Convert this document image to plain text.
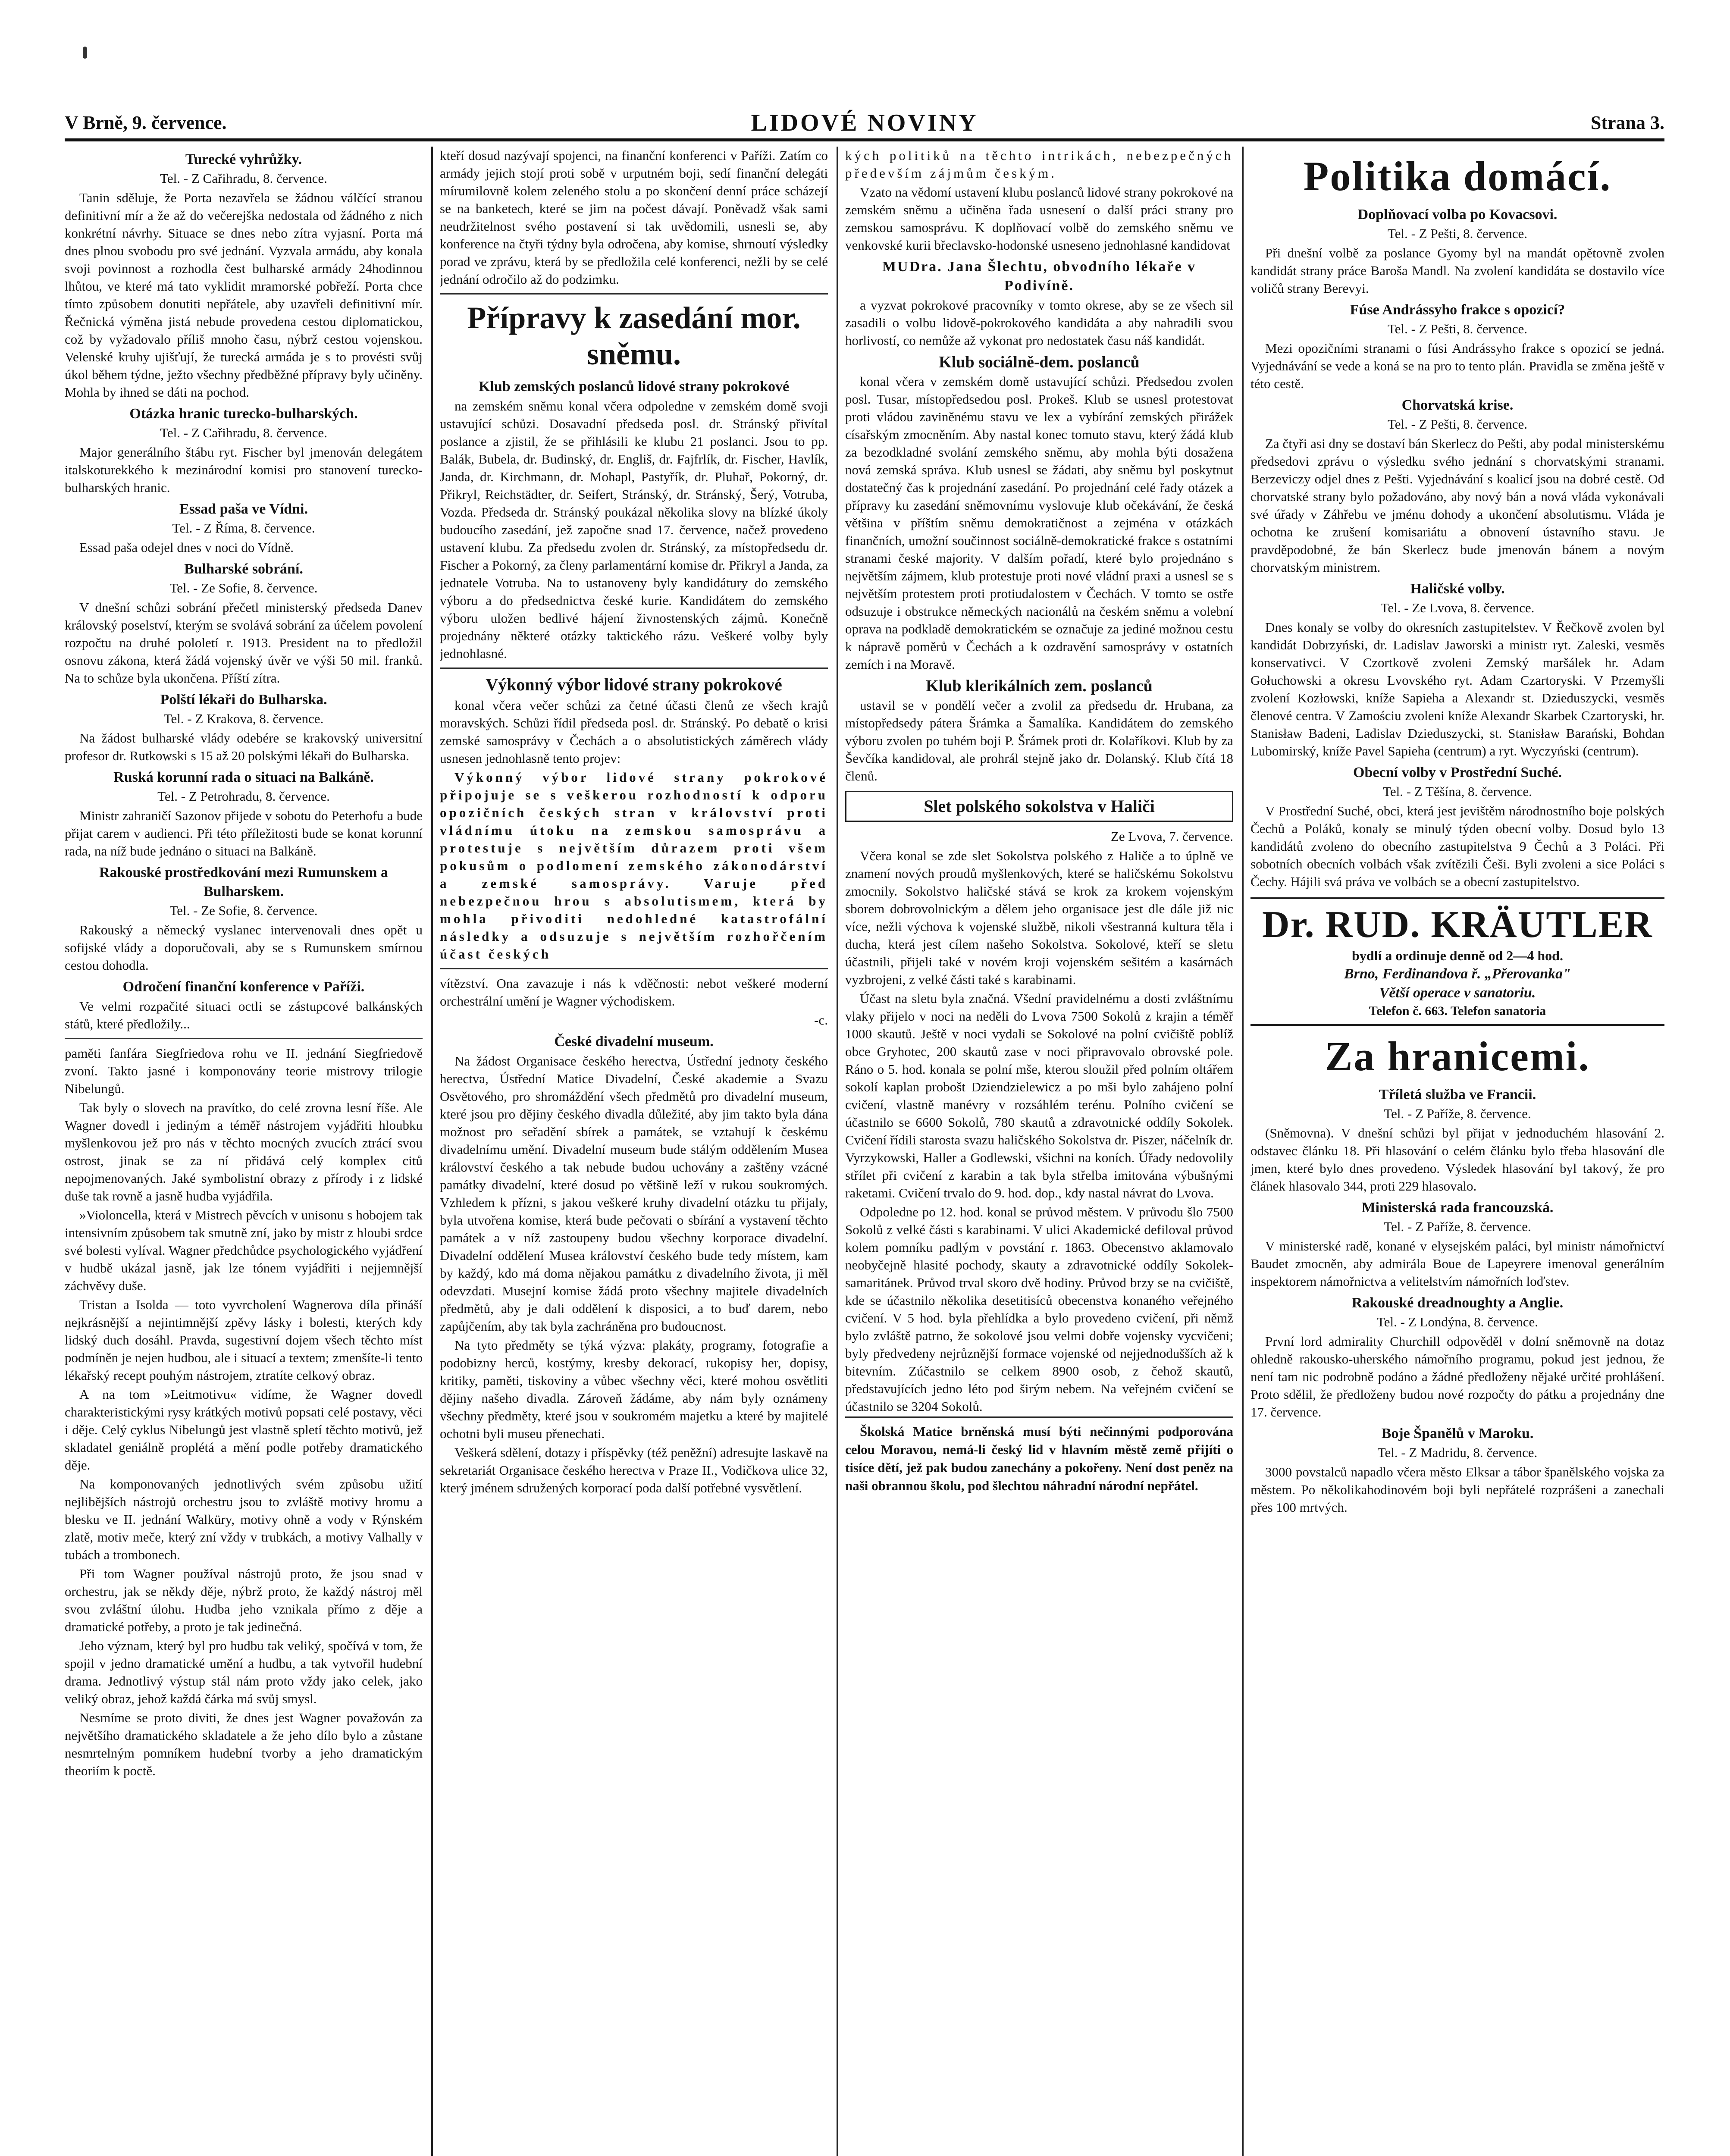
V Brně, 9. července.	LIDOVÉ NOVINY	Strana 3.
Turecké vyhrůžky.
Tel. - Z Cařihradu, 8. července.

Tanin sděluje, že Porta nezavřela se žádnou válčící stranou definitivní mír a že až do večerejška nedostala od žádného z nich konkrétní návrhy. Situace se dnes nebo zítra vyjasní. Porta má dnes plnou svobodu pro své jednání. Vyzvala armádu, aby konala svoji povinnost a rozhodla čest bulharské armády 24hodinnou lhůtou, ve které má tato vyklidit mramorské pobřeží. Porta chce tímto způsobem donutiti nepřátele, aby uzavřeli definitivní mír. Řečnická výměna jistá nebude provedena cestou diplomatickou, což by vyžadovalo příliš mnoho času, nýbrž cestou vojenskou. Velenské kruhy ujišťují, že turecká armáda je s to provésti svůj úkol během týdne, ježto všechny předběžné přípravy byly učiněny. Mohla by ihned se dáti na pochod.

Otázka hranic turecko-bulharských.
Tel. - Z Cařihradu, 8. července.

Major generálního štábu ryt. Fischer byl jmenován delegátem italskoturekkého k mezinárodní komisi pro stanovení turecko-bulharských hranic.

Essad paša ve Vídni.
Tel. - Z Říma, 8. července.

Essad paša odejel dnes v noci do Vídně.

Bulharské sobrání.
Tel. - Ze Sofie, 8. července.

V dnešní schůzi sobrání přečetl ministerský předseda Danev královský poselství, kterým se svolává sobrání za účelem povolení rozpočtu na druhé pololetí r. 1913. President na to předložil osnovu zákona, která žádá vojenský úvěr ve výši 50 mil. franků. Na to schůze byla ukončena. Příští zítra.

Polští lékaři do Bulharska.
Tel. - Z Krakova, 8. července.

Na žádost bulharské vlády odebére se krakovský universitní profesor dr. Rutkowski s 15 až 20 polskými lékaři do Bulharska.

Ruská korunní rada o situaci na Balkáně.
Tel. - Z Petrohradu, 8. července.

Ministr zahraničí Sazonov přijede v sobotu do Peterhofu a bude přijat carem v audienci. Při této příležitosti bude se konat korunní rada, na níž bude jednáno o situaci na Balkáně.

Rakouské prostředkování mezi Rumunskem a Bulharskem.
Tel. - Ze Sofie, 8. července.

Rakouský a německý vyslanec intervenovali dnes opět u sofijské vlády a doporučovali, aby se s Rumunskem smírnou cestou dohodla.

Odročení finanční konference v Paříži.

Ve velmi rozpačité situaci octli se zástupcové balkánských států, které předložily...

paměti fanfára Siegfriedova rohu ve II. jednání Siegfriedově zvoní. Takto jasné i komponovány teorie mistrovy trilogie Nibelungů.

Tak byly o slovech na pravítko, do celé zrovna lesní říše. Ale Wagner dovedl i jediným a téměř nástrojem vyjádřiti hloubku myšlenkovou jež pro nás v těchto mocných zvucích ztrácí svou ostrost, jinak se za ní přidává celý komplex citů nepojmenovaných. Jaké symbolistní obrazy z přírody i z lidské duše tak rovně a jasně hudba vyjádřila.

»Violoncella, která v Mistrech pěvcích v unisonu s hobojem tak intensivním způsobem tak smutně zní, jako by mistr z hloubi srdce své bolesti vylíval. Wagner předchůdce psychologického vyjádření v hudbě ukázal jasně, jak lze tónem vyjádřiti i nejjemnější záchvěvy duše.

Tristan a Isolda — toto vyvrcholení Wagnerova díla přináší nejkrásnější a nejintimnější zpěvy lásky i bolesti, kterých kdy lidský duch dosáhl. Pravda, sugestivní dojem všech těchto míst podmíněn je nejen hudbou, ale i situací a textem; zmenšíte-li tento lékařský recept pouhým nástrojem, ztratíte celkový obraz.

A na tom »Leitmotivu« vidíme, že Wagner dovedl charakteristickými rysy krátkých motivů popsati celé postavy, věci i děje. Celý cyklus Nibelungů jest vlastně spletí těchto motivů, jež skladatel geniálně proplétá a mění podle potřeby dramatického děje.

Na komponovaných jednotlivých svém způsobu užití nejlibějších nástrojů orchestru jsou to zvláště motivy hromu a blesku ve II. jednání Walküry, motivy ohně a vody v Rýnském zlatě, motiv meče, který zní vždy v trubkách, a motivy Valhally v tubách a trombonech.

Při tom Wagner používal nástrojů proto, že jsou snad v orchestru, jak se někdy děje, nýbrž proto, že každý nástroj měl svou zvláštní úlohu. Hudba jeho vznikala přímo z děje a dramatické potřeby, a proto je tak jedinečná.

Jeho význam, který byl pro hudbu tak veliký, spočívá v tom, že spojil v jedno dramatické umění a hudbu, a tak vytvořil hudební drama. Jednotlivý výstup stál nám proto vždy jako celek, jako veliký obraz, jehož každá čárka má svůj smysl.

Nesmíme se proto diviti, že dnes jest Wagner považován za největšího dramatického skladatele a že jeho dílo bylo a zůstane nesmrtelným pomníkem hudební tvorby a jeho dramatickým theoriím k poctě.

kteří dosud nazývají spojenci, na finanční konferenci v Paříži. Zatím co armády jejich stojí proti sobě v urputném boji, sedí finanční delegáti mírumilovně kolem zeleného stolu a po skončení denní práce scházejí se na banketech, které se jim na počest dávají. Poněvadž však sami neudržitelnost svého postavení si tak uvědomili, usnesli se, aby konference na čtyři týdny byla odročena, aby komise, shrnoutí výsledky porad ve zprávu, která by se předložila celé konferenci, nežli by se celé jednání odročilo až do podzimku.

Přípravy k zasedání mor. sněmu.
Klub zemských poslanců lidové strany pokrokové

na zemském sněmu konal včera odpoledne v zemském domě svoji ustavující schůzi. Dosavadní předseda posl. dr. Stránský přivítal poslance a zjistil, že se přihlásili ke klubu 21 poslanci. Jsou to pp. Balák, Bubela, dr. Budinský, dr. Engliš, dr. Fajfrlík, dr. Fischer, Havlík, Janda, dr. Kirchmann, dr. Mohapl, Pastyřík, dr. Pluhař, Pokorný, dr. Přikryl, Reichstädter, dr. Seifert, Stránský, dr. Stránský, Šerý, Votruba, Vozda. Předseda dr. Stránský poukázal několika slovy na blízké úkoly budoucího zasedání, jež započne snad 17. července, načež provedeno ustavení klubu. Za předsedu zvolen dr. Stránský, za místopředsedu dr. Fischer a Pokorný, za členy parlamentární komise dr. Přikryl a Janda, za jednatele Votruba. Na to ustanoveny byly kandidátury do zemského výboru a do předsednictva české kurie. Kandidátem do zemského výboru uložen bedlivé hájení živnostenských zájmů. Konečně projednány některé otázky taktického rázu. Veškeré volby byly jednohlasné.

Výkonný výbor lidové strany pokrokové

konal včera večer schůzi za četné účasti členů ze všech krajů moravských. Schůzi řídil předseda posl. dr. Stránský. Po debatě o krisi zemské samosprávy v Čechách a o absolutistických záměrech vlády usnesen jednohlasně tento projev:

Výkonný výbor lidové strany pokrokové připojuje se s veškerou rozhodností k odporu opozičních českých stran v království proti vládnímu útoku na zemskou samosprávu a protestuje s největším důrazem proti všem pokusům o podlomení zemského zákonodárství a zemské samosprávy. Varuje před nebezpečnou hrou s absolutismem, která by mohla přivoditi nedohledné katastrofální následky a odsuzuje s největším rozhořčením účast českých

vítězství. Ona zavazuje i nás k vděčnosti: nebot veškeré moderní orchestrální umění je Wagner východiskem.

-c.

České divadelní museum.

Na žádost Organisace českého herectva, Ústřední jednoty českého herectva, Ústřední Matice Divadelní, České akademie a Svazu Osvětového, pro shromáždění všech předmětů pro divadelní museum, které jsou pro dějiny českého divadla důležité, aby jim takto byla dána možnost pro seřadění sbírek a památek, se vztahují k českému divadelnímu umění. Divadelní museum bude stálým oddělením Musea království českého a tak nebude budou uchovány a zaštěny vzácné památky divadelní, které dosud po většině leží v rukou soukromých. Vzhledem k přízni, s jakou veškeré kruhy divadelní otázku tu přijaly, byla utvořena komise, která bude pečovati o sbírání a vystavení těchto památek a v níž zastoupeny budou všechny korporace divadelní. Divadelní oddělení Musea království českého bude tedy místem, kam by každý, kdo má doma nějakou památku z divadelního života, ji měl odevzdati. Musejní komise žádá proto všechny majitele divadelních předmětů, aby je dali oddělení k disposici, a to buď darem, nebo zapůjčením, aby tak byla zachráněna pro budoucnost.

Na tyto předměty se týká výzva: plakáty, programy, fotografie a podobizny herců, kostýmy, kresby dekorací, rukopisy her, dopisy, kritiky, paměti, tiskoviny a vůbec všechny věci, které mohou osvětliti dějiny našeho divadla. Zároveň žádáme, aby nám byly oznámeny všechny předměty, které jsou v soukromém majetku a které by majitelé ochotni byli museu přenechati.

Veškerá sdělení, dotazy i příspěvky (též peněžní) adresujte laskavě na sekretariát Organisace českého herectva v Praze II., Vodičkova ulice 32, který jménem sdružených korporací poda další potřebné vysvětlení.

kých politiků na těchto intrikách, nebezpečných především zájmům českým.

Vzato na vědomí ustavení klubu poslanců lidové strany pokrokové na zemském sněmu a učiněna řada usnesení o další práci strany pro zemskou samosprávu. K doplňovací volbě do zemského sněmu ve venkovské kurii břeclavsko-hodonské usneseno jednohlasné kandidovat

MUDra. Jana Šlechtu, obvodního lékaře v Podivíně.

a vyzvat pokrokové pracovníky v tomto okrese, aby se ze všech sil zasadili o volbu lidově-pokrokového kandidáta a aby nahradili svou horlivostí, co nemůže až vykonat pro nedostatek času náš kandidát.

Klub sociálně-dem. poslanců

konal včera v zemském domě ustavující schůzi. Předsedou zvolen posl. Tusar, místopředsedou posl. Prokeš. Klub se usnesl protestovat proti vládou zaviněnému stavu ve lex a vybírání zemských přirážek císařským zmocněním. Aby nastal konec tomuto stavu, který žádá klub za bezodkladné svolání zemského sněmu, aby mohla býti dosažena nová zemská správa. Klub usnesl se žádati, aby sněmu byl poskytnut dostatečný čas k projednání zasedání. Po projednání celé řady otázek a přípravy ku zasedání sněmovnímu vyslovuje klub očekávání, že česká většina v příštím sněmu demokratičnost a zejména v otázkách finančních, umožní součinnost sociálně-demokratické frakce s ostatními stranami české majority. V dalším pořadí, které bylo projednáno s největším zájmem, klub protestuje proti nové vládní praxi a usnesl se s největším protestem proti protiudalostem v Čechách. V tomto se ostře odsuzuje i obstrukce německých nacionálů na českém sněmu a volební oprava na podkladě demokratickém se označuje za jediné možnou cestu k nápravě poměrů v Čechách a k ozdravění samosprávy v ostatních zemích i na Moravě.

Klub klerikálních zem. poslanců

ustavil se v pondělí večer a zvolil za předsedu dr. Hrubana, za místopředsedy pátera Šrámka a Šamalíka. Kandidátem do zemského výboru zvolen po tuhém boji P. Šrámek proti dr. Kolaříkovi. Klub by za Ševčíka kandidoval, ale prohrál stejně jako dr. Dolanský. Klub čítá 18 členů.

Slet polského sokolstva v Haliči
Ze Lvova, 7. července.

Včera konal se zde slet Sokolstva polského z Haliče a to úplně ve znamení nových proudů myšlenkových, které se haličskému Sokolstvu zmocnily. Sokolstvo haličské stává se krok za krokem vojenským sborem dobrovolnickým a dělem jeho organisace jest dle dále již nic více, nežli výchova k vojenské službě, nikoli všestranná kultura těla i ducha, která jest cílem našeho Sokolstva. Sokolové, kteří se sletu účastnili, přijeli také v novém kroji vojenském sešitém a kasárnách vyzbrojeni, z velké části také s karabinami.

Účast na sletu byla značná. Všední pravidelnému a dosti zvláštnímu vlaky přijelo v noci na neděli do Lvova 7500 Sokolů z krajin a téměř 1000 skautů. Ještě v noci vydali se Sokolové na polní cvičiště poblíž obce Gryhotec, 200 skautů zase v noci připravovalo obrovské pole. Ráno o 5. hod. konala se polní mše, kterou sloužil před polním oltářem sokolí kaplan probošt Dziendzielewicz a po mši bylo zahájeno polní cvičení, vlastně manévry v rozsáhlém terénu. Polního cvičení se účastnilo se 6600 Sokolů, 780 skautů a zdravotnické oddíly Sokolek. Cvičení řídili starosta svazu haličského Sokolstva dr. Piszer, náčelník dr. Vyrzykowski, Haller a Godlewski, všichni na koních. Úřady nedovolily střílet při cvičení z karabin a tak byla střelba imitována výbušnými raketami. Cvičení trvalo do 9. hod. dop., kdy nastal návrat do Lvova.

Odpoledne po 12. hod. konal se průvod městem. V průvodu šlo 7500 Sokolů z velké části s karabinami. V ulici Akademické defiloval průvod kolem pomníku padlým v povstání r. 1863. Obecenstvo aklamovalo neobyčejně hlasité pochody, skauty a zdravotnické oddíly Sokolek-samaritánek. Průvod trval skoro dvě hodiny. Průvod brzy se na cvičiště, kde se účastnilo několika desetitisíců obecenstva konaného veřejného cvičení. V 5 hod. byla přehlídka a bylo provedeno cvičení, při němž bylo zvláště patrno, že sokolové jsou velmi dobře vojensky vycvičeni; byly předvedeny nejrůznější formace vojenské od nejjednodušších až k bitevním. Zúčastnilo se celkem 8900 osob, z čehož skautů, představujících jedno léto pod širým nebem. Na veřejném cvičení se účastnilo se 3204 Sokolů.

Školská Matice brněnská musí býti nečinnými podporována celou Moravou, nemá-li český lid v hlavním městě země přijíti o tisíce dětí, jež pak budou zanechány a pokořeny. Není dost peněz na naši obrannou školu, pod šlechtou náhradní národní nepřátel.

Politika domácí.
Doplňovací volba po Kovacsovi.
Tel. - Z Pešti, 8. července.

Při dnešní volbě za poslance Gyomy byl na mandát opětovně zvolen kandidát strany práce Baroša Mandl. Na zvolení kandidáta se dostavilo více voličů strany Berevyi.

Fúse Andrássyho frakce s opozicí?
Tel. - Z Pešti, 8. července.

Mezi opozičními stranami o fúsi Andrássyho frakce s opozicí se jedná. Vyjednávání se vede a koná se na pro to tento plán. Pravidla se změna ještě v této cestě.

Chorvatská krise.
Tel. - Z Pešti, 8. července.

Za čtyři asi dny se dostaví bán Skerlecz do Pešti, aby podal ministerskému předsedovi zprávu o výsledku svého jednání s chorvatskými stranami. Berzeviczy odjel dnes z Pešti. Vyjednávání s koalicí jsou na dobré cestě. Od chorvatské strany bylo požadováno, aby nový bán a nová vláda vykonávali své úřady v Záhřebu ve jménu dohody a ukončení absolutismu. Vláda je ochotna ke zrušení komisariátu a obnovení ústavního stavu. Je pravděpodobné, že bán Skerlecz bude jmenován bánem a novým chorvatským ministrem.

Haličské volby.
Tel. - Ze Lvova, 8. července.

Dnes konaly se volby do okresních zastupitelstev. V Řečkově zvolen byl kandidát Dobrzyński, dr. Ladislav Jaworski a ministr ryt. Zaleski, vesměs konservativci. V Czortkově zvoleni Zemský maršálek hr. Adam Gołuchowski a okresu Lvovského ryt. Adam Czartoryski. V Przemyšli zvolení Kozłowski, kníže Sapieha a Alexandr st. Dzieduszycki, vesměs členové centra. V Zamościu zvoleni kníže Alexandr Skarbek Czartoryski, hr. Stanisław Badeni, Ladislav Dzieduszycki, st. Stanisław Barański, Bohdan Lubomirský, kníže Pavel Sapieha (centrum) a ryt. Wyczyński (centrum).

Obecní volby v Prostřední Suché.
Tel. - Z Těšína, 8. července.

V Prostřední Suché, obci, která jest jevištěm národnostního boje polských Čechů a Poláků, konaly se minulý týden obecní volby. Dosud bylo 13 kandidátů zvoleno do obecního zastupitelstva 9 Čechů a 3 Poláci. Při sobotních obecních volbách však zvítězili Češi. Byli zvoleni a sice Poláci s Čechy. Hájili svá práva ve volbách se a obecní zastupitelstvo.

Dr. RUD. KRÄUTLER
bydlí a ordinuje denně od 2—4 hod.
Brno, Ferdinandova ř. „Přerovanka"
Větší operace v sanatoriu.
Telefon č. 663. Telefon sanatoria
Za hranicemi.
Tříletá služba ve Francii.
Tel. - Z Paříže, 8. července.

(Sněmovna). V dnešní schůzi byl přijat v jednoduchém hlasování 2. odstavec článku 18. Při hlasování o celém článku bylo třeba hlasování dle jmen, které bylo dnes provedeno. Výsledek hlasování byl takový, že pro článek hlasovalo 344, proti 229 hlasovalo.

Ministerská rada francouzská.
Tel. - Z Paříže, 8. července.

V ministerské radě, konané v elysejském paláci, byl ministr námořnictví Baudet zmocněn, aby admirála Boue de Lapeyrere imenoval generálním inspektorem námořnictva a velitelstvím námořních loďstev.

Rakouské dreadnoughty a Anglie.
Tel. - Z Londýna, 8. července.

První lord admirality Churchill odpověděl v dolní sněmovně na dotaz ohledně rakousko-uherského námořního programu, pokud jest jednou, že není tam nic podrobně podáno a žádné předloženy nějaké určité prohlášení. Proto sdělil, že předloženy budou nové rozpočty do pátku a projednány dne 17. července.

Boje Španělů v Maroku.
Tel. - Z Madridu, 8. července.

3000 povstalců napadlo včera město Elksar a tábor španělského vojska za městem. Po několikahodinovém boji byli nepřátelé rozprášeni a zanechali přes 100 mrtvých.
